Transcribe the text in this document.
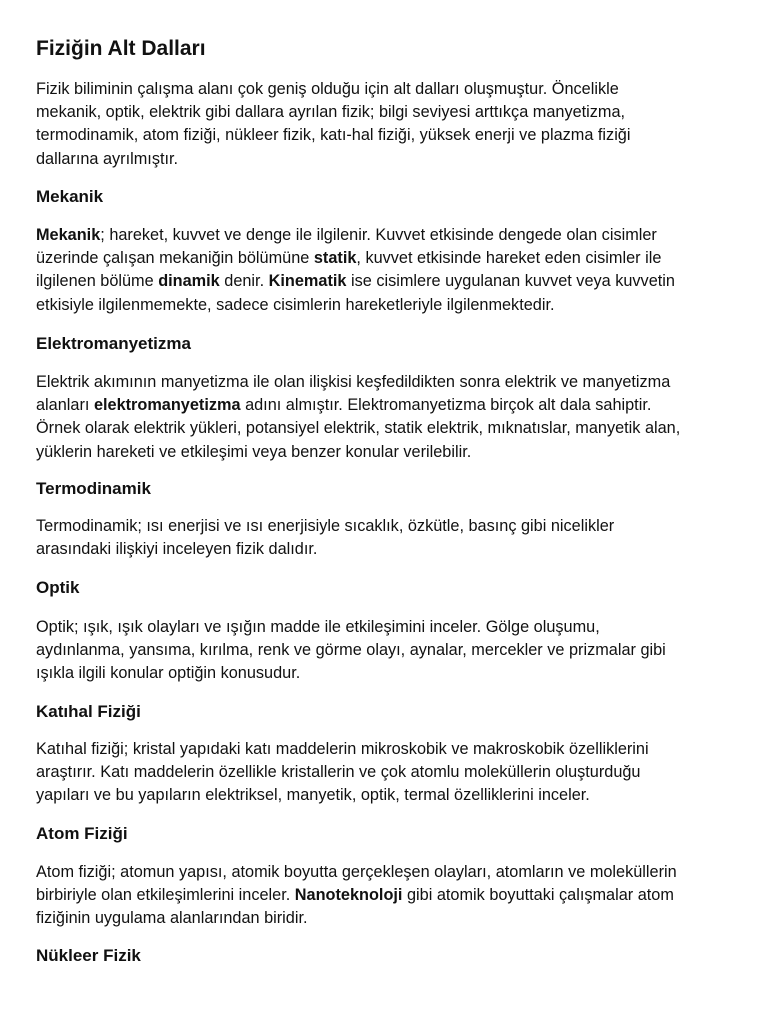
Fiziğin Alt Dalları
Fizik biliminin çalışma alanı çok geniş olduğu için alt dalları oluşmuştur. Öncelikle
mekanik, optik, elektrik gibi dallara ayrılan fizik; bilgi seviyesi arttıkça manyetizma,
termodinamik, atom fiziği, nükleer fizik, katı-hal fiziği, yüksek enerji ve plazma fiziği
dallarına ayrılmıştır.
Mekanik
Mekanik; hareket, kuvvet ve denge ile ilgilenir. Kuvvet etkisinde dengede olan cisimler
üzerinde çalışan mekaniğin bölümüne statik, kuvvet etkisinde hareket eden cisimler ile
ilgilenen bölüme dinamik denir. Kinematik ise cisimlere uygulanan kuvvet veya kuvvetin
etkisiyle ilgilenmemekte, sadece cisimlerin hareketleriyle ilgilenmektedir.
Elektromanyetizma
Elektrik akımının manyetizma ile olan ilişkisi keşfedildikten sonra elektrik ve manyetizma
alanları elektromanyetizma adını almıştır. Elektromanyetizma birçok alt dala sahiptir.
Örnek olarak elektrik yükleri, potansiyel elektrik, statik elektrik, mıknatıslar, manyetik alan,
yüklerin hareketi ve etkileşimi veya benzer konular verilebilir.
Termodinamik
Termodinamik; ısı enerjisi ve ısı enerjisiyle sıcaklık, özkütle, basınç gibi nicelikler
arasındaki ilişkiyi inceleyen fizik dalıdır.
Optik
Optik; ışık, ışık olayları ve ışığın madde ile etkileşimini inceler. Gölge oluşumu,
aydınlanma, yansıma, kırılma, renk ve görme olayı, aynalar, mercekler ve prizmalar gibi
ışıkla ilgili konular optiğin konusudur.
Katıhal Fiziği
Katıhal fiziği; kristal yapıdaki katı maddelerin mikroskobik ve makroskobik özelliklerini
araştırır. Katı maddelerin özellikle kristallerin ve çok atomlu moleküllerin oluşturduğu
yapıları ve bu yapıların elektriksel, manyetik, optik, termal özelliklerini inceler.
Atom Fiziği
Atom fiziği; atomun yapısı, atomik boyutta gerçekleşen olayları, atomların ve moleküllerin
birbiriyle olan etkileşimlerini inceler. Nanoteknoloji gibi atomik boyuttaki çalışmalar atom
fiziğinin uygulama alanlarından biridir.
Nükleer Fizik
